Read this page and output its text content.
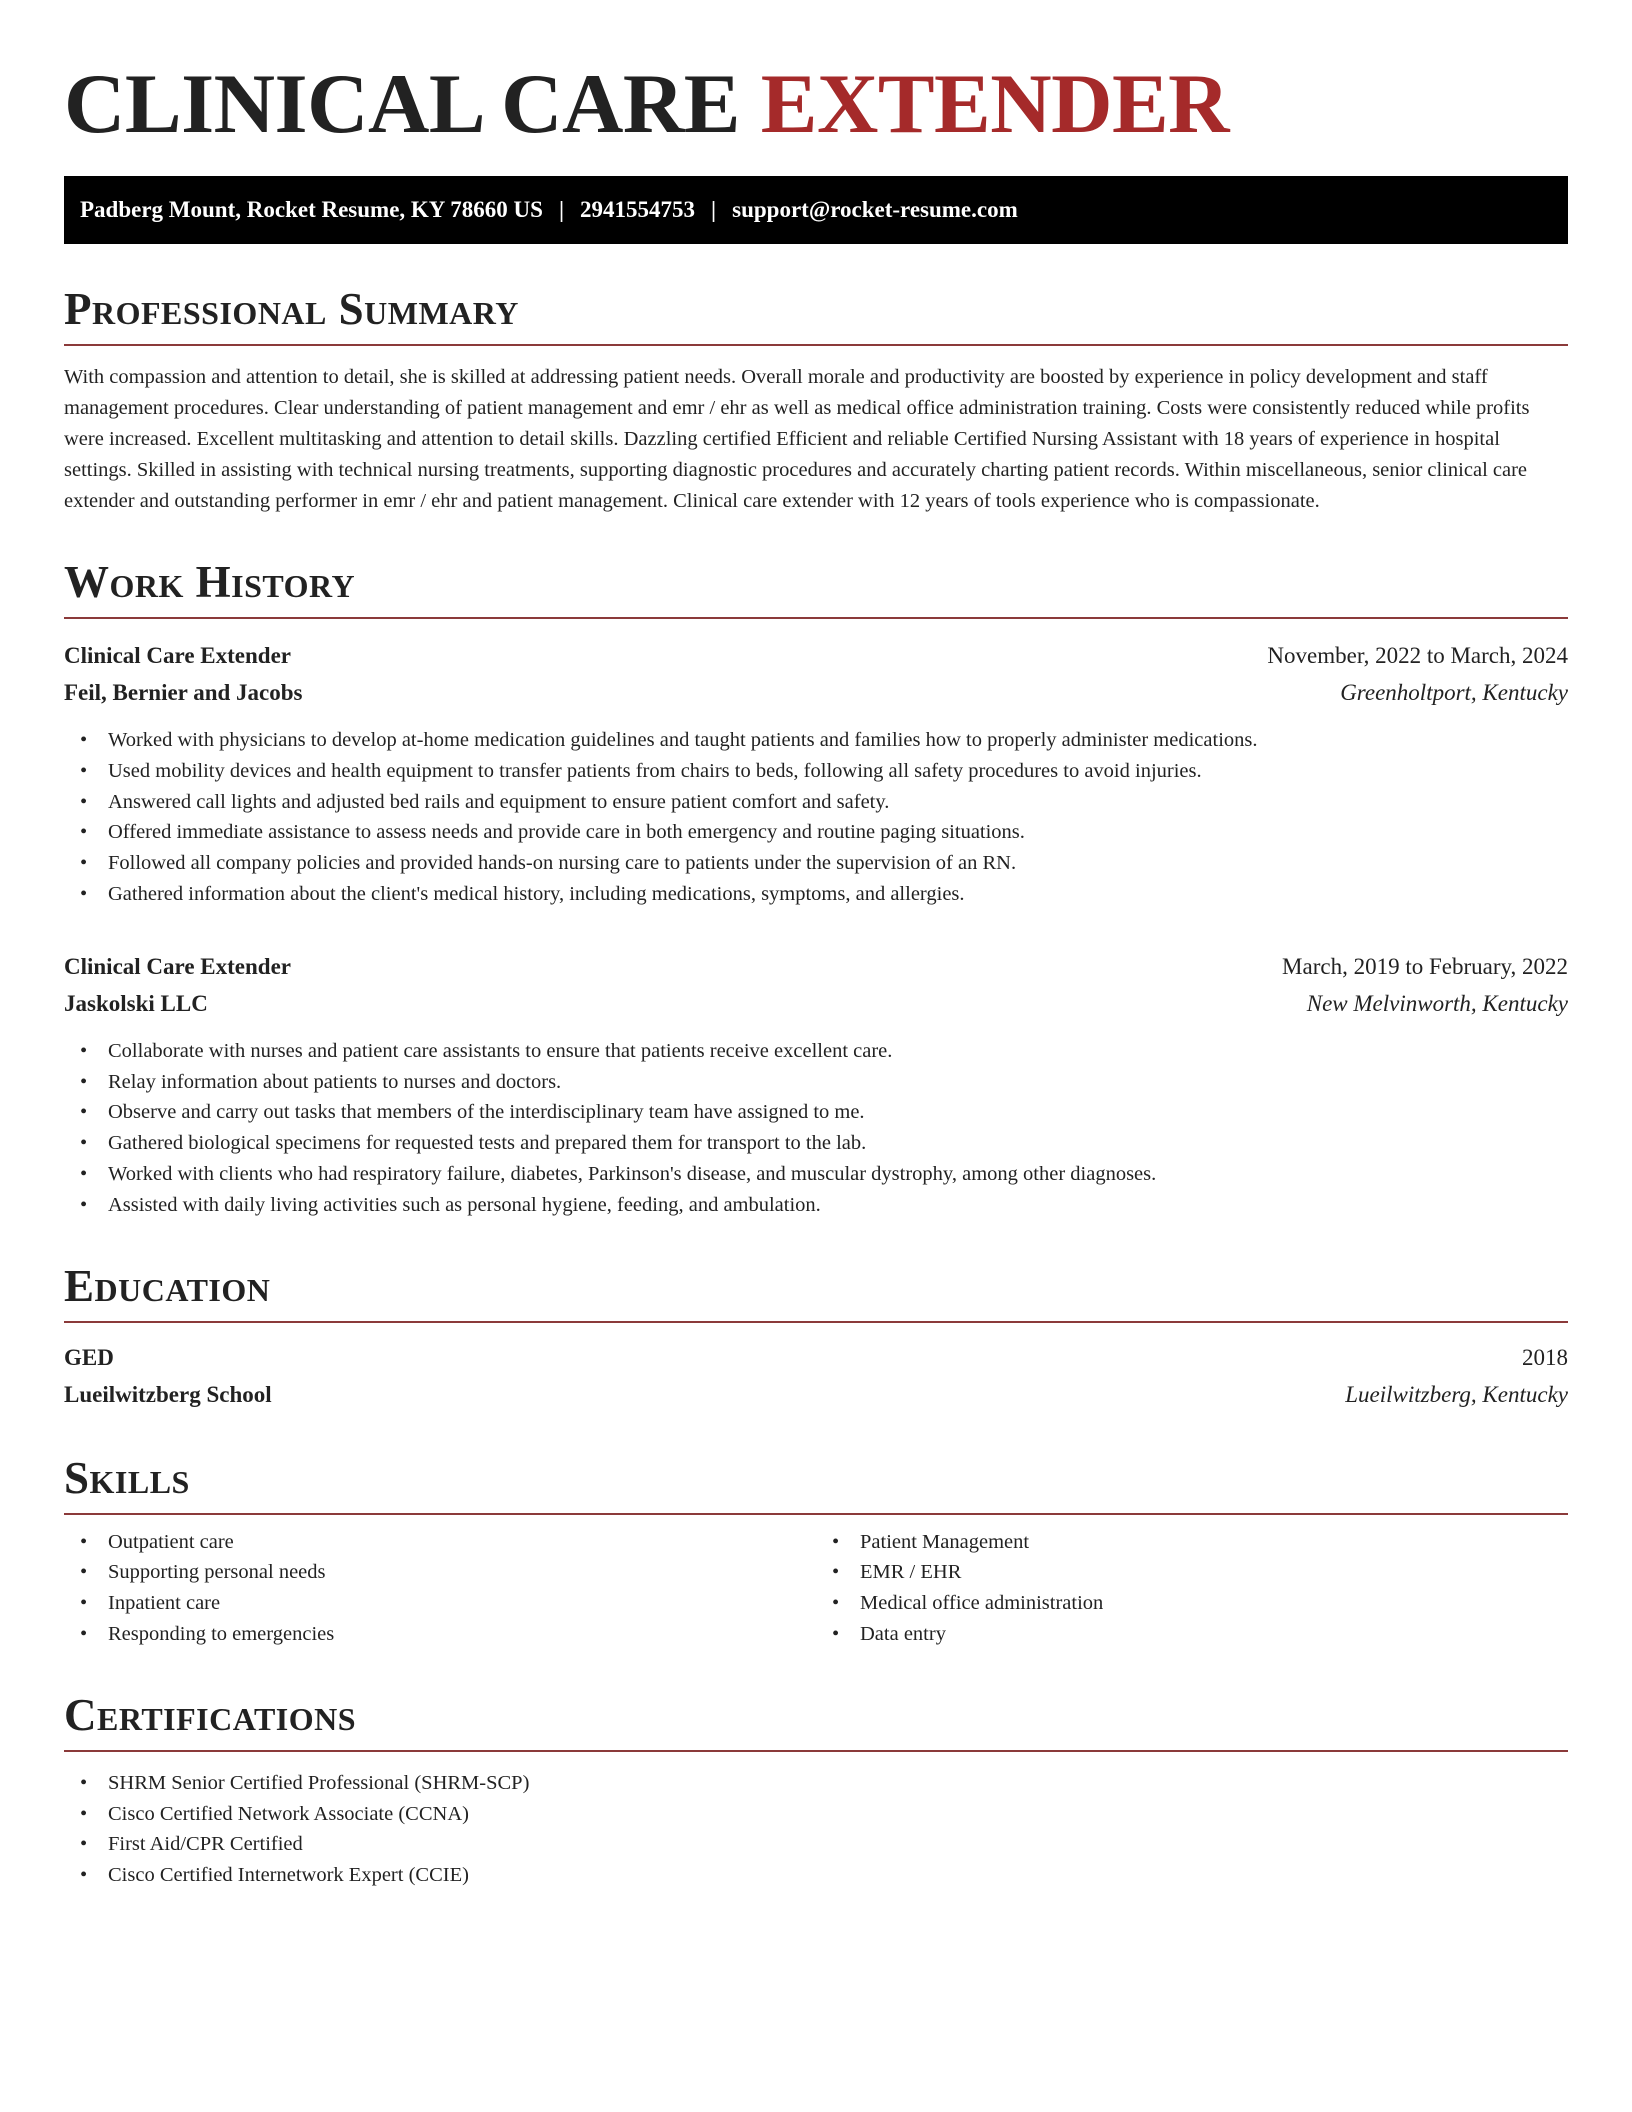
CLINICAL CARE EXTENDER
Padberg Mount, Rocket Resume, KY 78660 US | 2941554753 | support@rocket-resume.com
Professional Summary

With compassion and attention to detail, she is skilled at addressing patient needs. Overall morale and productivity are boosted by experience in policy development and staff management procedures. Clear understanding of patient management and emr / ehr as well as medical office administration training. Costs were consistently reduced while profits were increased. Excellent multitasking and attention to detail skills. Dazzling certified Efficient and reliable Certified Nursing Assistant with 18 years of experience in hospital settings. Skilled in assisting with technical nursing treatments, supporting diagnostic procedures and accurately charting patient records. Within miscellaneous, senior clinical care extender and outstanding performer in emr / ehr and patient management. Clinical care extender with 12 years of tools experience who is compassionate.

Work History
Clinical Care Extender	November, 2022 to March, 2024
Feil, Bernier and Jacobs	Greenholtport, Kentucky
• Worked with physicians to develop at-home medication guidelines and taught patients and families how to properly administer medications.
• Used mobility devices and health equipment to transfer patients from chairs to beds, following all safety procedures to avoid injuries.
• Answered call lights and adjusted bed rails and equipment to ensure patient comfort and safety.
• Offered immediate assistance to assess needs and provide care in both emergency and routine paging situations.
• Followed all company policies and provided hands-on nursing care to patients under the supervision of an RN.
• Gathered information about the client's medical history, including medications, symptoms, and allergies.
Clinical Care Extender	March, 2019 to February, 2022
Jaskolski LLC	New Melvinworth, Kentucky
• Collaborate with nurses and patient care assistants to ensure that patients receive excellent care.
• Relay information about patients to nurses and doctors.
• Observe and carry out tasks that members of the interdisciplinary team have assigned to me.
• Gathered biological specimens for requested tests and prepared them for transport to the lab.
• Worked with clients who had respiratory failure, diabetes, Parkinson's disease, and muscular dystrophy, among other diagnoses.
• Assisted with daily living activities such as personal hygiene, feeding, and ambulation.
Education
GED	2018
Lueilwitzberg School	Lueilwitzberg, Kentucky
Skills
• Outpatient care
• Supporting personal needs
• Inpatient care
• Responding to emergencies
• Patient Management
• EMR / EHR
• Medical office administration
• Data entry
Certifications
• SHRM Senior Certified Professional (SHRM-SCP)
• Cisco Certified Network Associate (CCNA)
• First Aid/CPR Certified
• Cisco Certified Internetwork Expert (CCIE)
